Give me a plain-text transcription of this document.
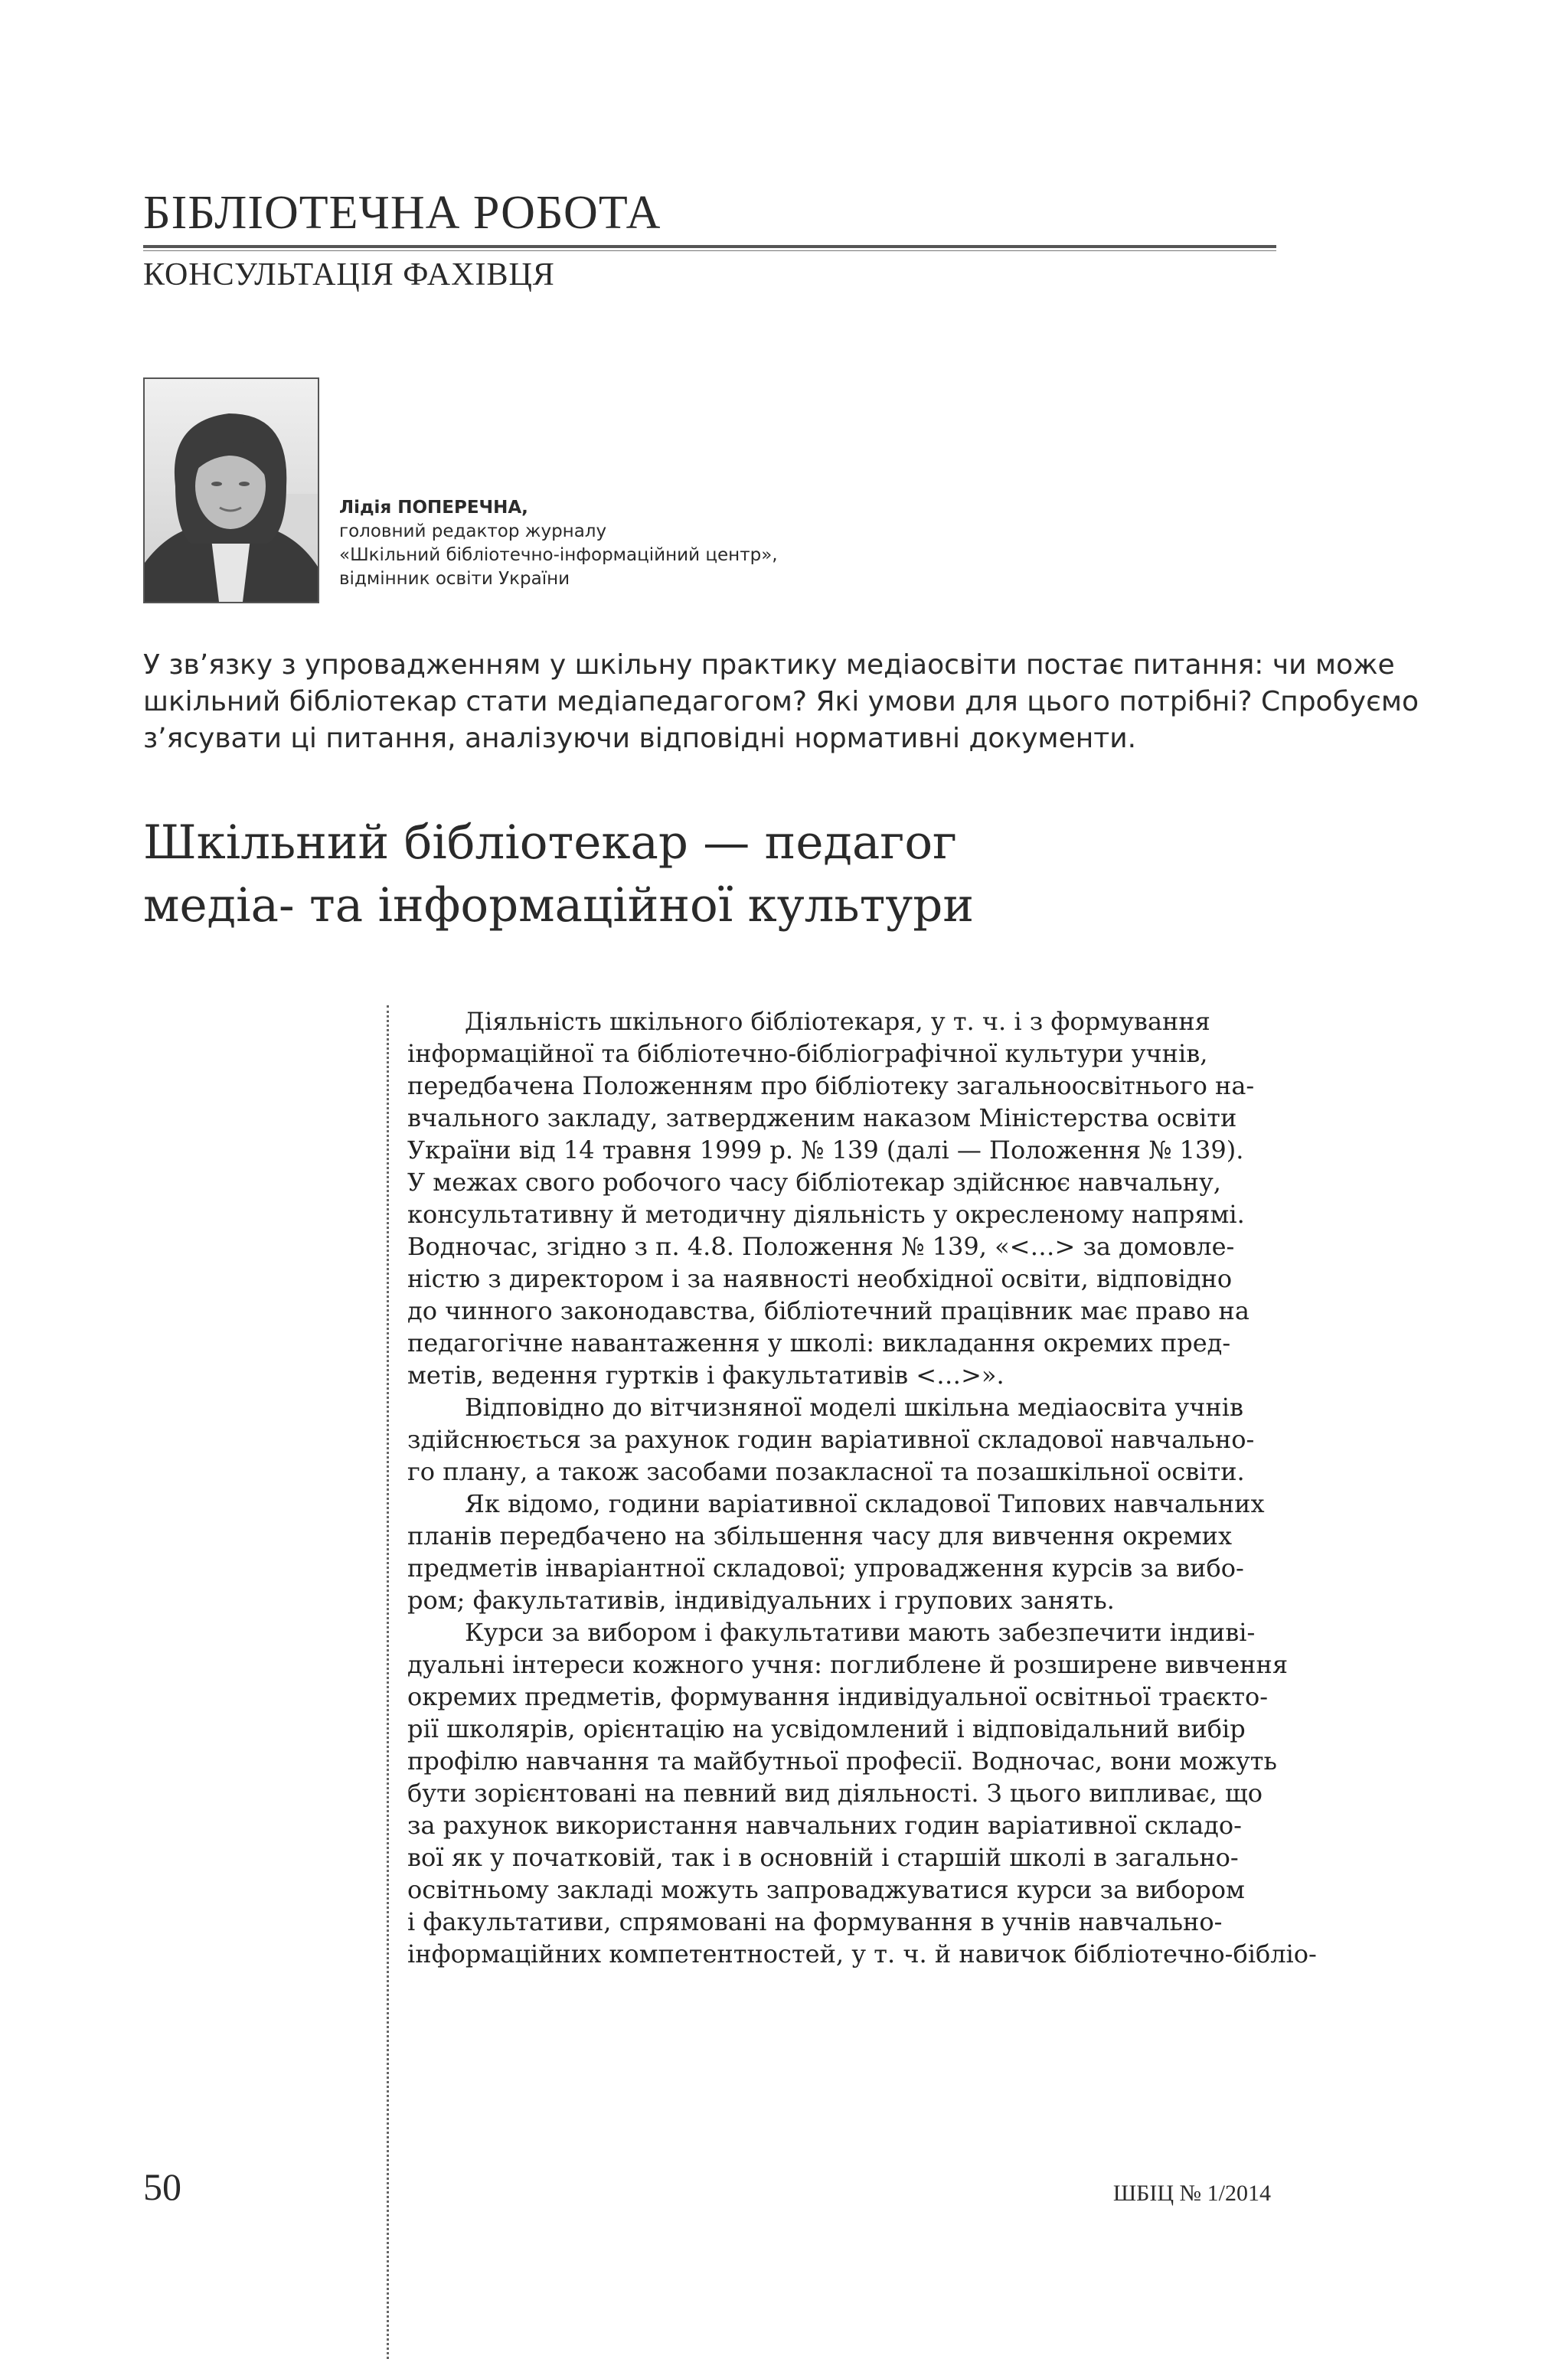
БІБЛІОТЕЧНА РОБОТА
КОНСУЛЬТАЦІЯ ФАХІВЦЯ
Лідія ПОПЕРЕЧНА,
головний редактор журналу
«Шкільний бібліотечно-інформаційний центр»,
відмінник освіти України
У зв’язку з упровадженням у шкільну практику медіаосвіти постає питання: чи може
шкільний бібліотекар стати медіапедагогом? Які умови для цього потрібні? Спробуємо
з’ясувати ці питання, аналізуючи відповідні нормативні документи.
Шкільний бібліотекар — педагог
медіа- та інформаційної культури
Діяльність шкільного бібліотекаря, у т. ч. і з формування
інформаційної та бібліотечно-бібліографічної культури учнів,
передбачена Положенням про бібліотеку загальноосвітнього на-
вчального закладу, затвердженим наказом Міністерства освіти
України від 14 травня 1999 р. № 139 (далі — Положення № 139).
У межах свого робочого часу бібліотекар здійснює навчальну,
консультативну й методичну діяльність у окресленому напрямі.
Водночас, згідно з п. 4.8. Положення № 139, «<…> за домовле-
ністю з директором і за наявності необхідної освіти, відповідно
до чинного законодавства, бібліотечний працівник має право на
педагогічне навантаження у школі: викладання окремих пред-
метів, ведення гуртків і факультативів <…>».
Відповідно до вітчизняної моделі шкільна медіаосвіта учнів
здійснюється за рахунок годин варіативної складової навчально-
го плану, а також засобами позакласної та позашкільної освіти.
Як відомо, години варіативної складової Типових навчальних
планів передбачено на збільшення часу для вивчення окремих
предметів інваріантної складової; упровадження курсів за вибо-
ром; факультативів, індивідуальних і групових занять.
Курси за вибором і факультативи мають забезпечити індиві-
дуальні інтереси кожного учня: поглиблене й розширене вивчення
окремих предметів, формування індивідуальної освітньої траєкто-
рії школярів, орієнтацію на усвідомлений і відповідальний вибір
профілю навчання та майбутньої професії. Водночас, вони можуть
бути зорієнтовані на певний вид діяльності. З цього випливає, що
за рахунок використання навчальних годин варіативної складо-
вої як у початковій, так і в основній і старшій школі в загально-
освітньому закладі можуть запроваджуватися курси за вибором
і факультативи, спрямовані на формування в учнів навчально-
інформаційних компетентностей, у т. ч. й навичок бібліотечно-бібліо-
50	ШБІЦ № 1/2014
